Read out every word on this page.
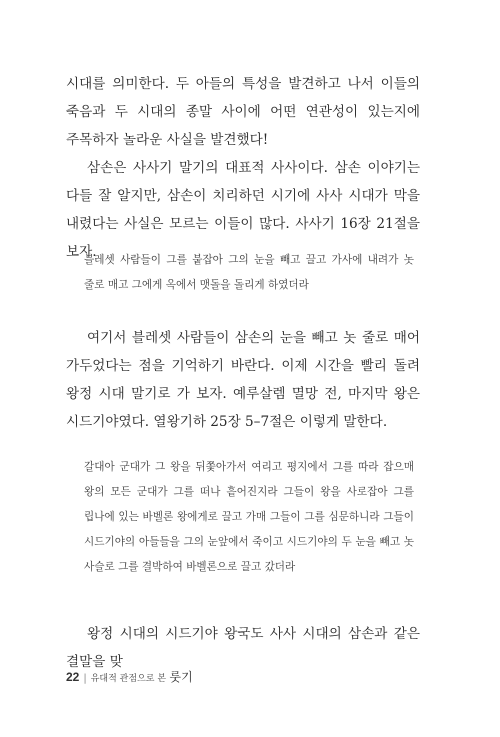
시대를 의미한다. 두 아들의 특성을 발견하고 나서 이들의 죽음과 두 시대의 종말 사이에 어떤 연관성이 있는지에 주목하자 놀라운 사실을 발견했다!

삼손은 사사기 말기의 대표적 사사이다. 삼손 이야기는 다들 잘 알지만, 삼손이 치리하던 시기에 사사 시대가 막을 내렸다는 사실은 모르는 이들이 많다. 사사기 16장 21절을 보자.

블레셋 사람들이 그를 붙잡아 그의 눈을 빼고 끌고 가사에 내려가 놋 줄로 매고 그에게 옥에서 맷돌을 돌리게 하였더라

여기서 블레셋 사람들이 삼손의 눈을 빼고 놋 줄로 매어 가두었다는 점을 기억하기 바란다. 이제 시간을 빨리 돌려 왕정 시대 말기로 가 보자. 예루살렘 멸망 전, 마지막 왕은 시드기야였다. 열왕기하 25장 5–7절은 이렇게 말한다.

갈대아 군대가 그 왕을 뒤쫓아가서 여리고 평지에서 그를 따라 잡으매 왕의 모든 군대가 그를 떠나 흩어진지라 그들이 왕을 사로잡아 그를 립나에 있는 바벨론 왕에게로 끌고 가매 그들이 그를 심문하니라 그들이 시드기야의 아들들을 그의 눈앞에서 죽이고 시드기야의 두 눈을 빼고 놋 사슬로 그를 결박하여 바벨론으로 끌고 갔더라

왕정 시대의 시드기야 왕국도 사사 시대의 삼손과 같은 결말을 맞

22 | 유대적 관점으로 본 룻기
